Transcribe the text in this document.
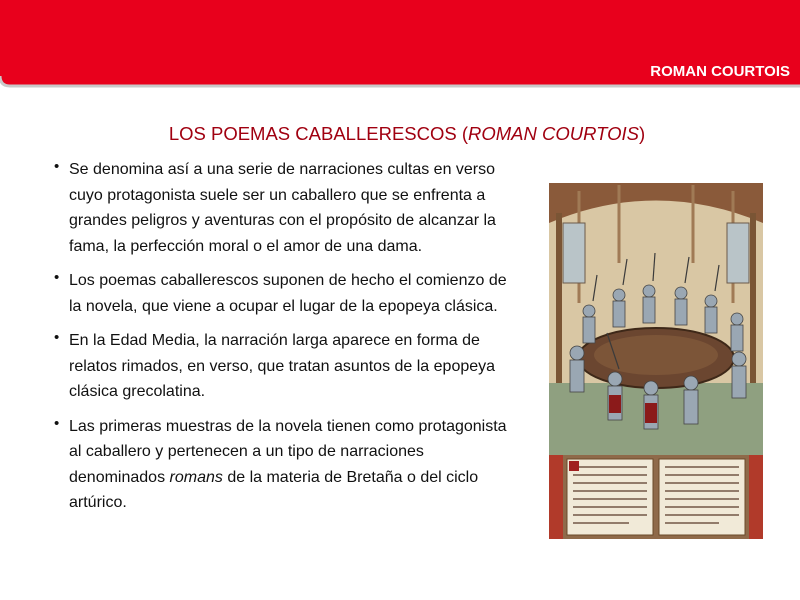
ROMAN COURTOIS
LOS POEMAS CABALLERESCOS (ROMAN COURTOIS)
• Se denomina así a una serie de narraciones cultas en verso cuyo protagonista suele ser un caballero que se enfrenta a grandes peligros y aventuras con el propósito de alcanzar la fama, la perfección moral o el amor de una dama.
• Los poemas caballerescos suponen de hecho el comienzo de la novela, que viene a ocupar el lugar de la epopeya clásica.
• En la Edad Media, la narración larga aparece en forma de relatos rimados, en verso, que tratan asuntos de la epopeya clásica grecolatina.
• Las primeras muestras de la novela tienen como protagonista al caballero y pertenecen a un tipo de narraciones denominados romans de la materia de Bretaña o del ciclo artúrico.
